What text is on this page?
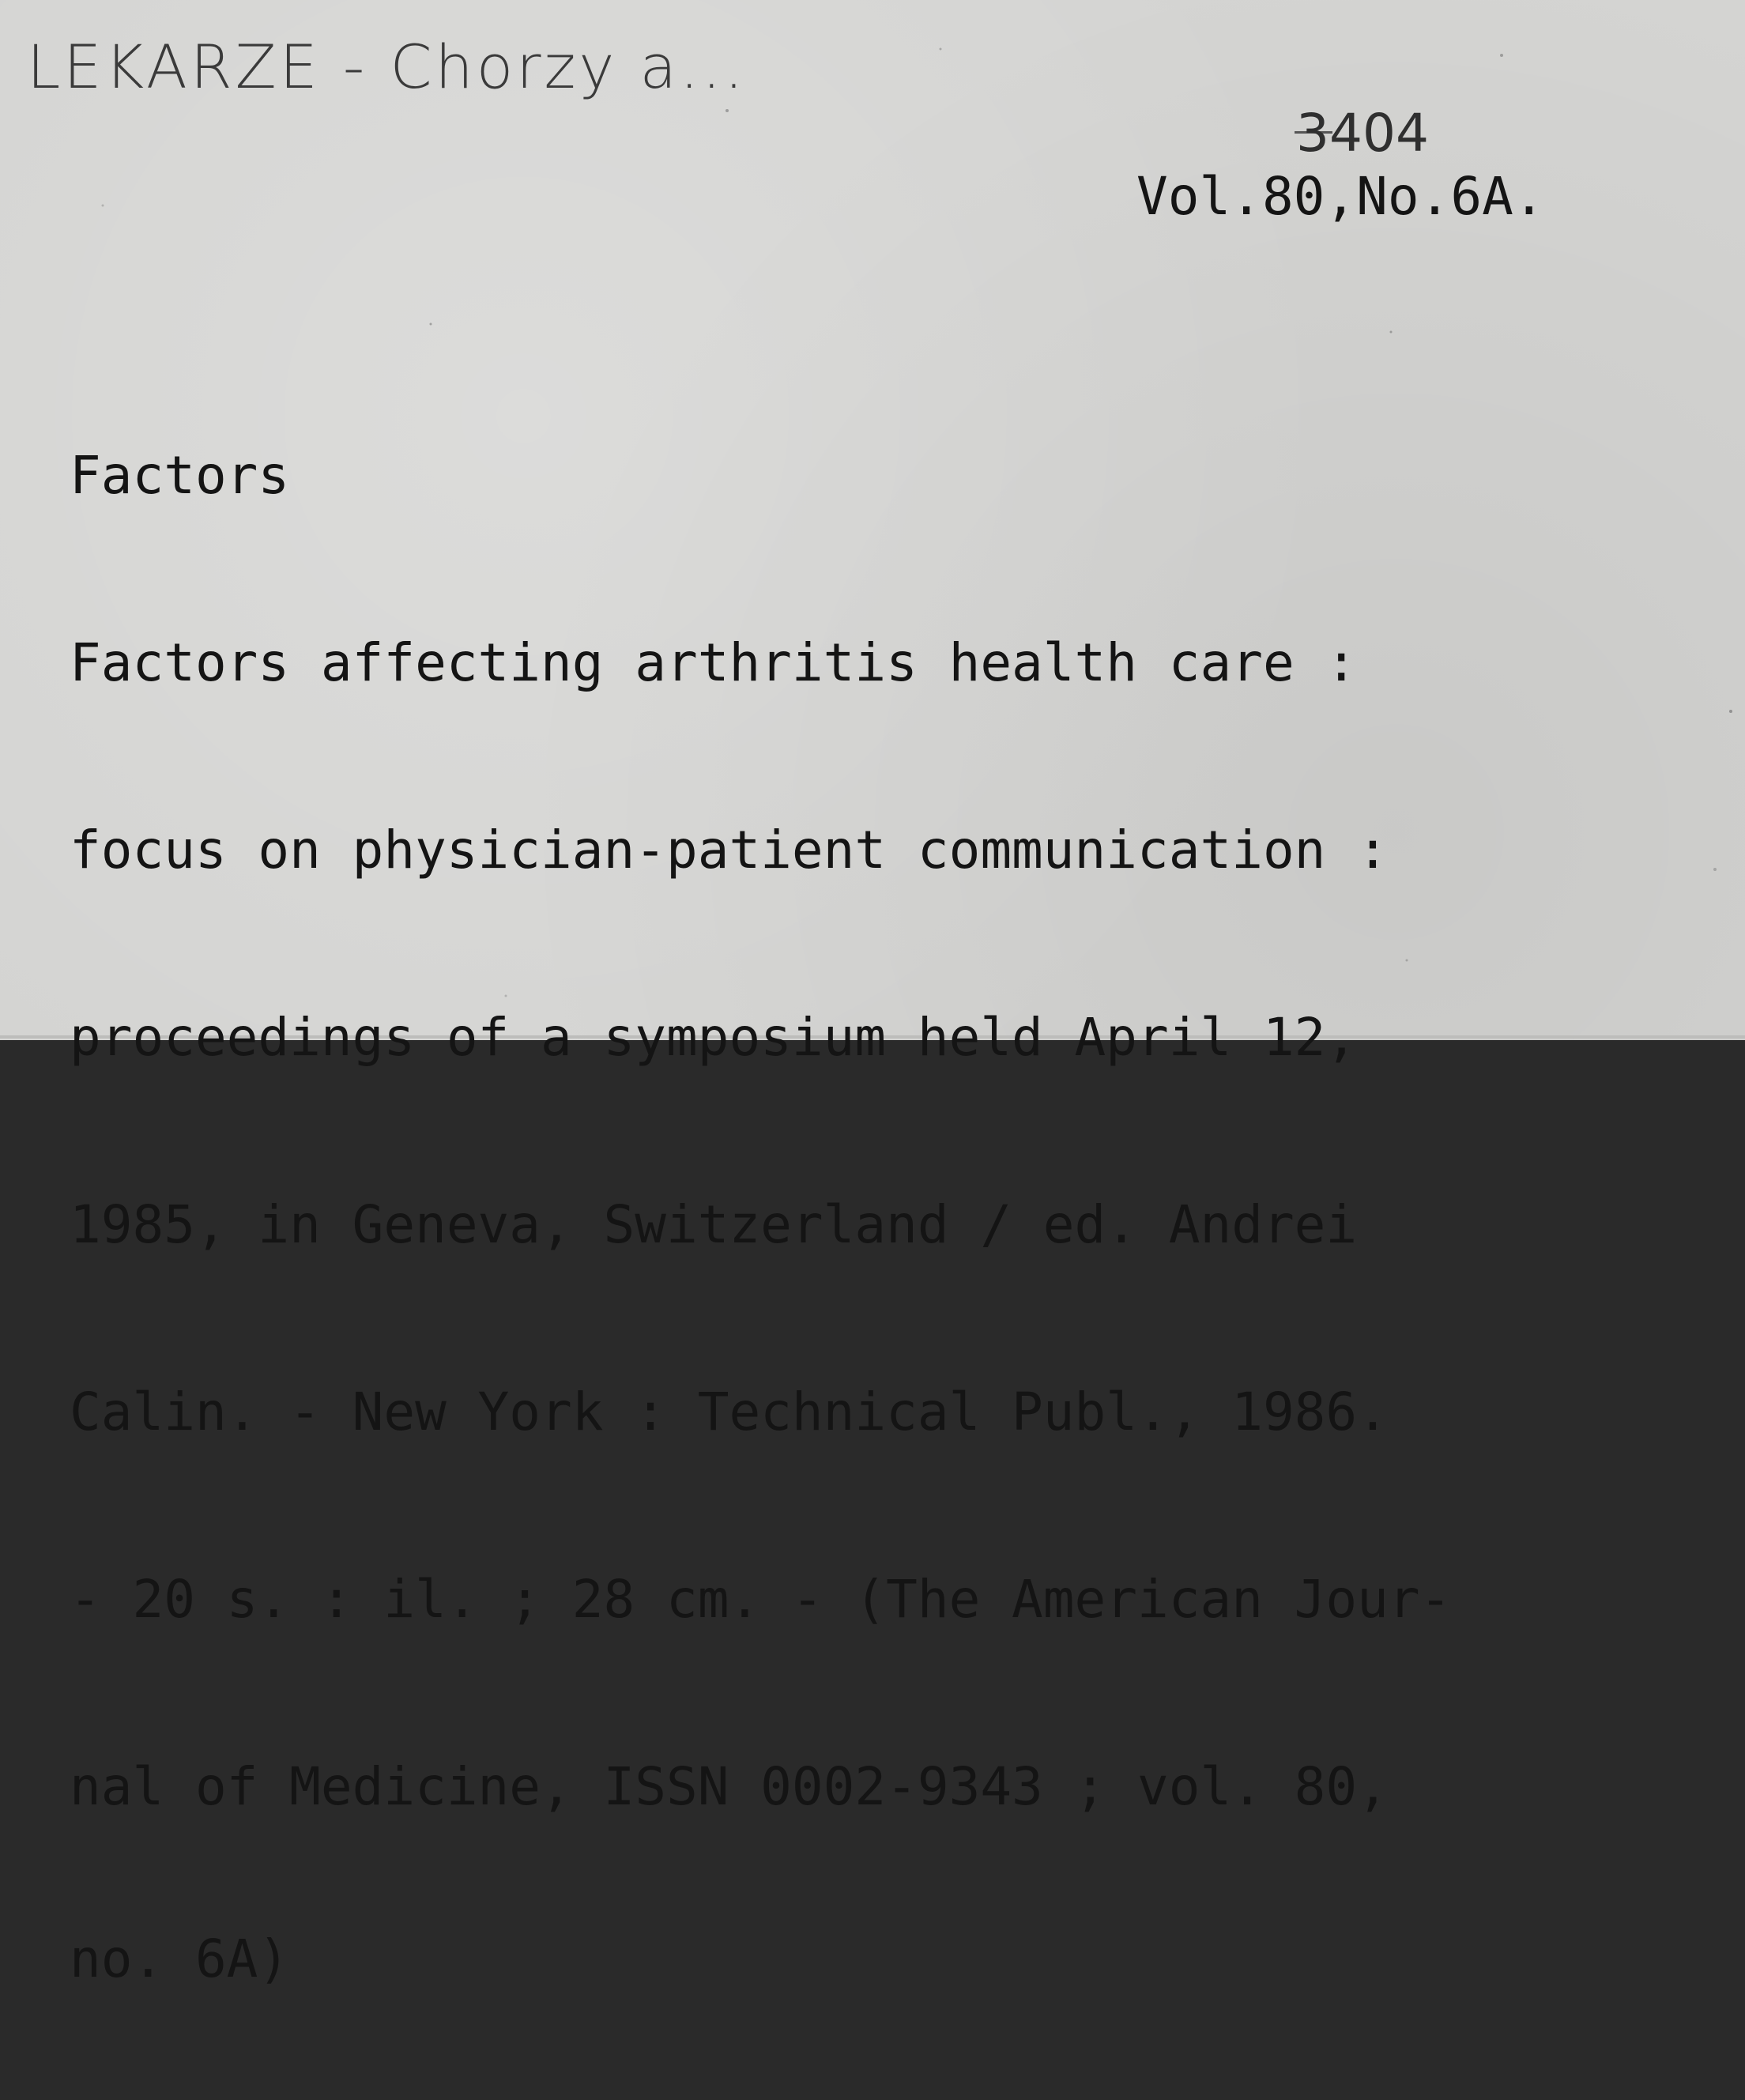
LEKARZE - Chorzy a...
3404
Vol.80,No.6A.

Factors

Factors affecting arthritis health care :

focus on physician-patient communication :

proceedings of a symposium held April 12,

1985, in Geneva, Switzerland / ed. Andrei

Calin. - New York : Technical Publ., 1986.

- 20 s. : il. ; 28 cm. - (The American Jour-

nal of Medicine, ISSN 0002-9343 ; vol. 80,

no. 6A)
